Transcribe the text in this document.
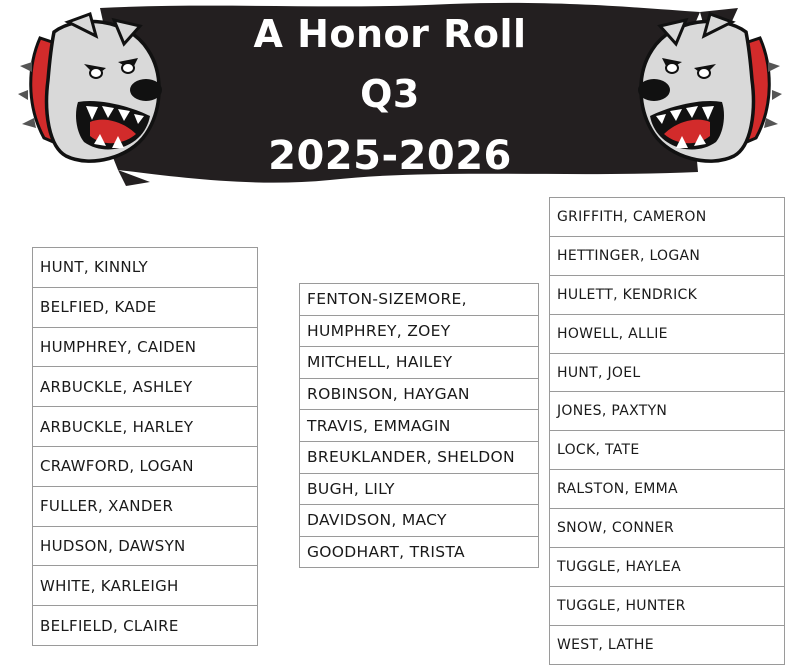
A Honor Roll
Q3
2025-2026
HUNT, KINNLY
BELFIED, KADE
HUMPHREY, CAIDEN
ARBUCKLE, ASHLEY
ARBUCKLE, HARLEY
CRAWFORD, LOGAN
FULLER, XANDER
HUDSON, DAWSYN
WHITE, KARLEIGH
BELFIELD, CLAIRE
FENTON-SIZEMORE,
HUMPHREY, ZOEY
MITCHELL, HAILEY
ROBINSON, HAYGAN
TRAVIS, EMMAGIN
BREUKLANDER, SHELDON
BUGH, LILY
DAVIDSON, MACY
GOODHART, TRISTA
GRIFFITH, CAMERON
HETTINGER, LOGAN
HULETT, KENDRICK
HOWELL, ALLIE
HUNT, JOEL
JONES, PAXTYN
LOCK, TATE
RALSTON, EMMA
SNOW, CONNER
TUGGLE, HAYLEA
TUGGLE, HUNTER
WEST, LATHE
